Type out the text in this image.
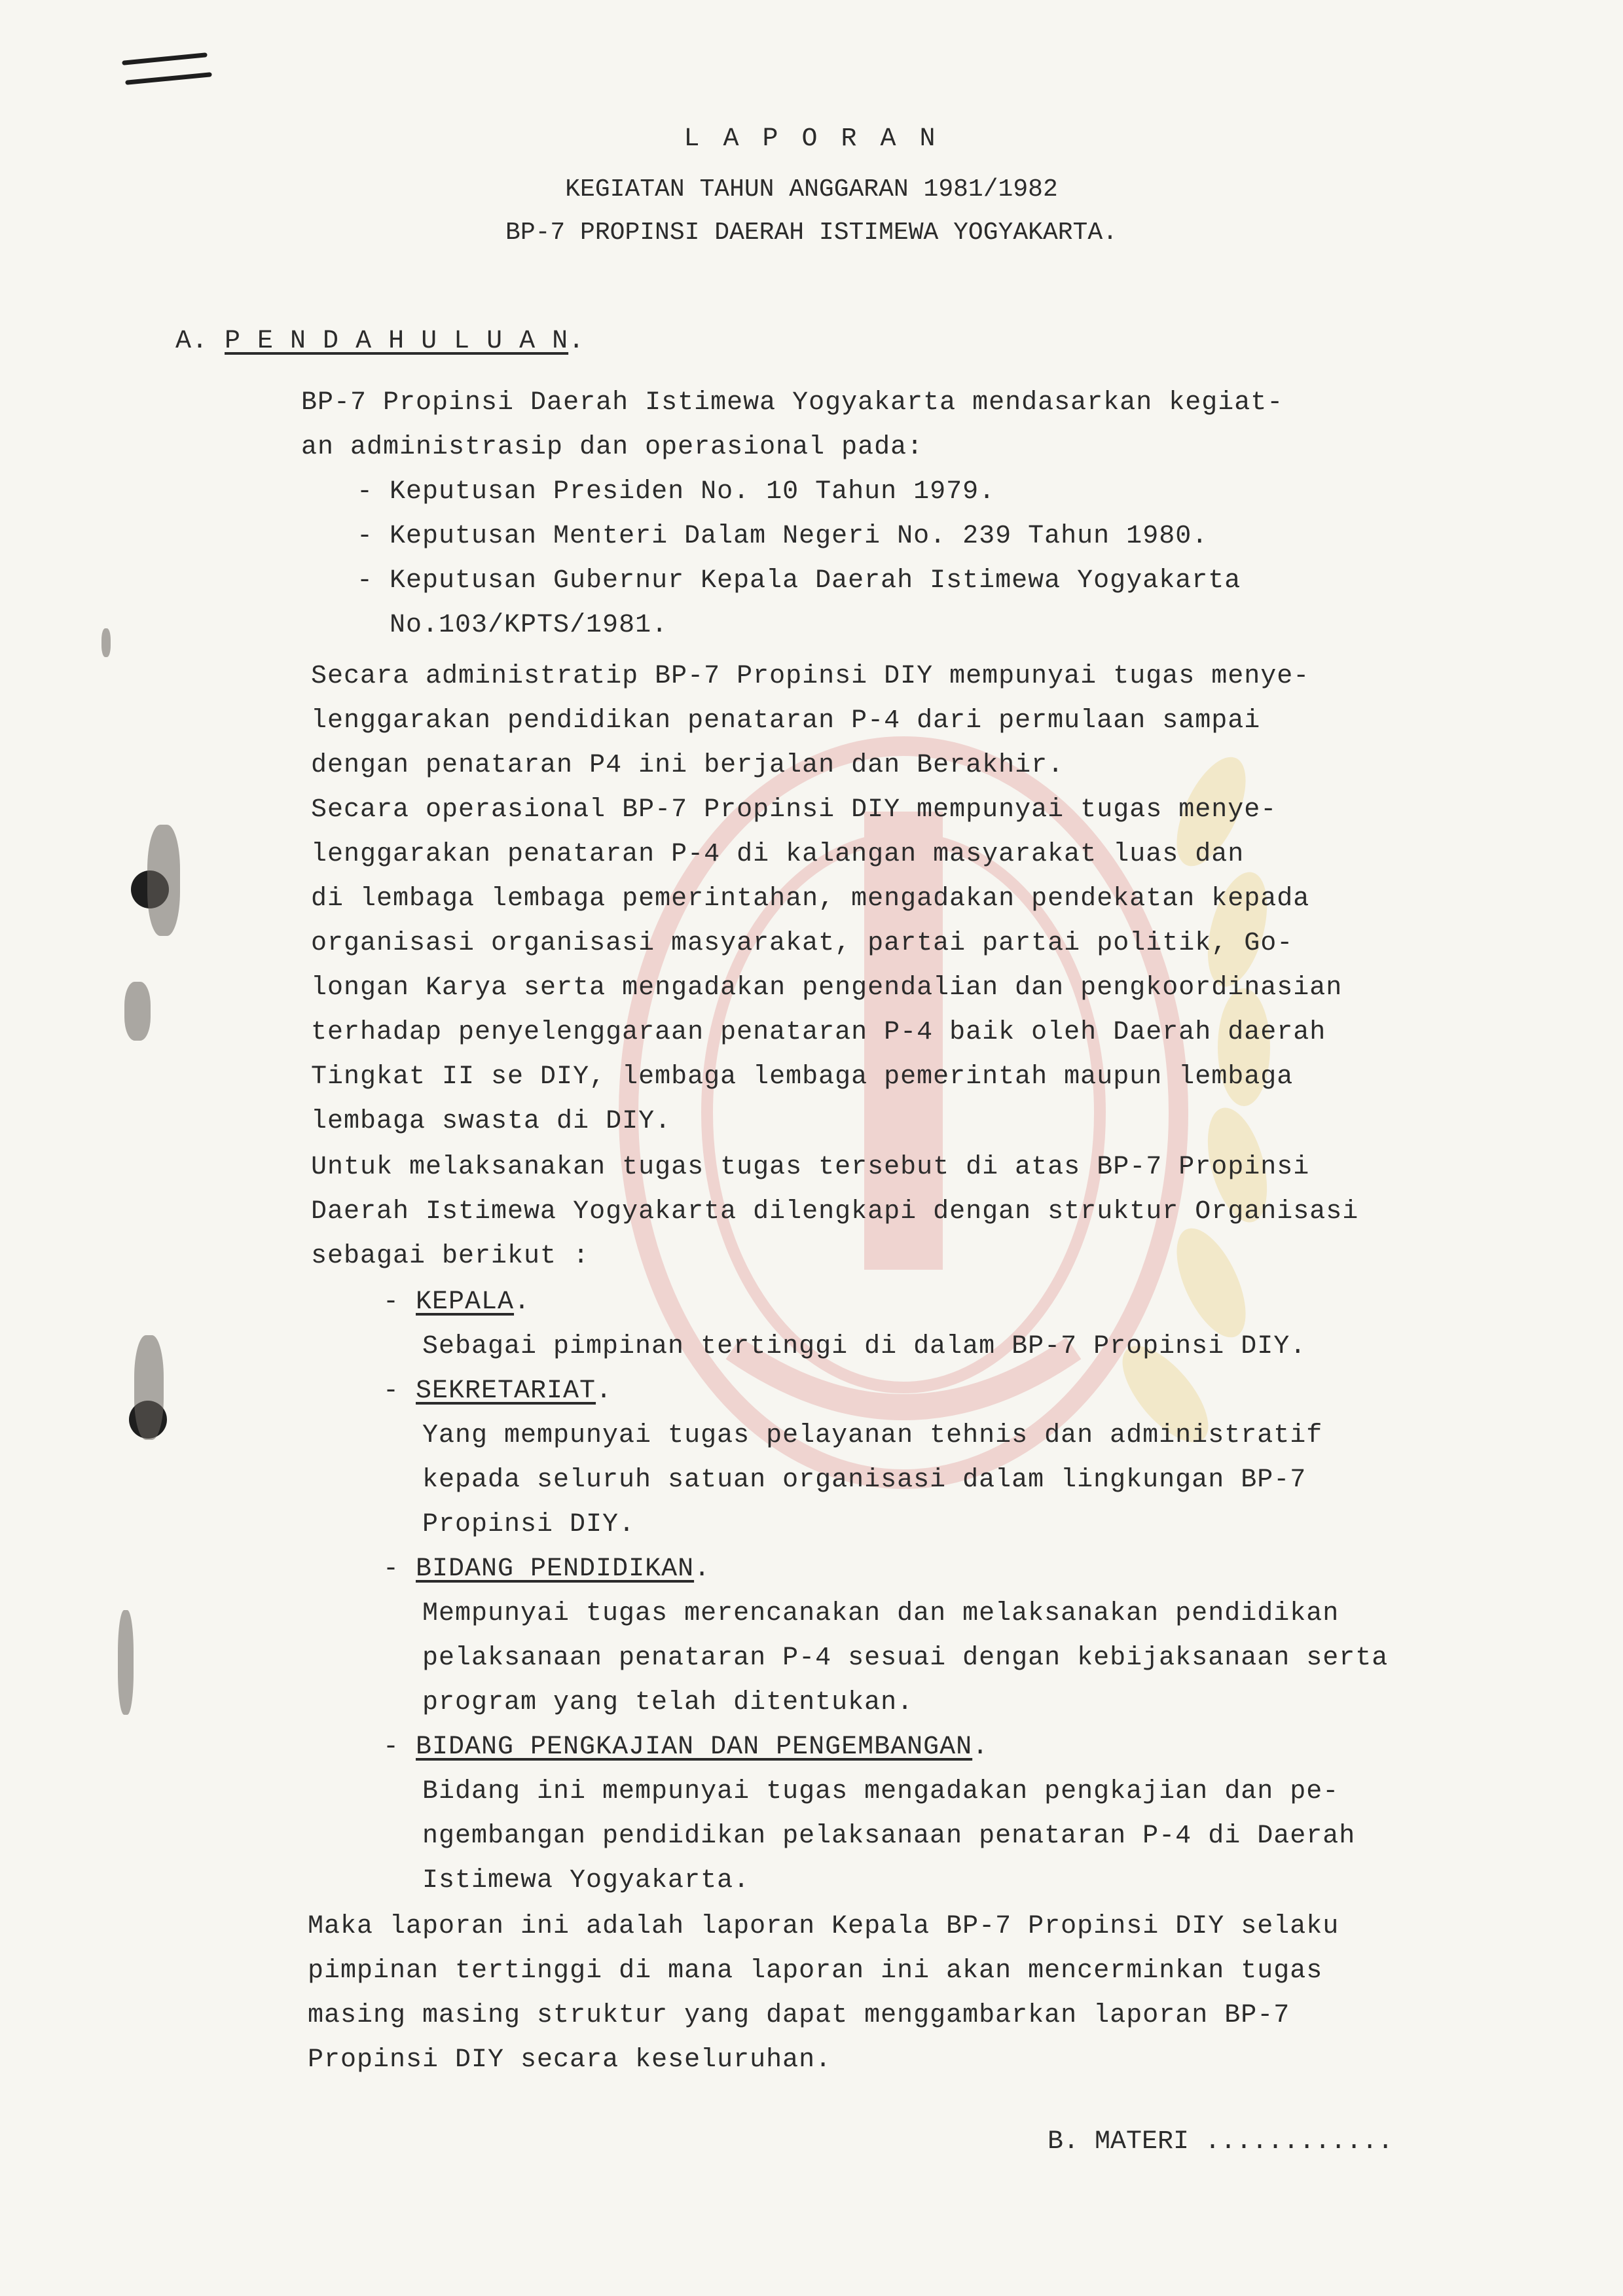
L A P O R A N
KEGIATAN TAHUN ANGGARAN 1981/1982
BP-7 PROPINSI DAERAH ISTIMEWA YOGYAKARTA.
A. P E N D A H U L U A N.
BP-7 Propinsi Daerah Istimewa Yogyakarta mendasarkan kegiat-
an administrasip dan operasional pada:
- Keputusan Presiden No. 10 Tahun 1979.
- Keputusan Menteri Dalam Negeri No. 239 Tahun 1980.
- Keputusan Gubernur Kepala Daerah Istimewa Yogyakarta
No.103/KPTS/1981.
Secara administratip BP-7 Propinsi DIY mempunyai tugas menye-
lenggarakan pendidikan penataran P-4 dari permulaan sampai
dengan penataran P4 ini berjalan dan Berakhir.
Secara operasional BP-7 Propinsi DIY mempunyai tugas menye-
lenggarakan penataran P-4 di kalangan masyarakat luas dan
di lembaga lembaga pemerintahan, mengadakan pendekatan kepada
organisasi organisasi masyarakat, partai partai politik, Go-
longan Karya serta mengadakan pengendalian dan pengkoordinasian
terhadap penyelenggaraan penataran P-4 baik oleh Daerah daerah
Tingkat II se DIY, lembaga lembaga pemerintah maupun lembaga
lembaga swasta di DIY.
Untuk melaksanakan tugas tugas tersebut di atas BP-7 Propinsi
Daerah Istimewa Yogyakarta dilengkapi dengan struktur Organisasi
sebagai berikut :
- KEPALA.
Sebagai pimpinan tertinggi di dalam BP-7 Propinsi DIY.
- SEKRETARIAT.
Yang mempunyai tugas pelayanan tehnis dan administratif
kepada seluruh satuan organisasi dalam lingkungan BP-7
Propinsi DIY.
- BIDANG PENDIDIKAN.
Mempunyai tugas merencanakan dan melaksanakan pendidikan
pelaksanaan penataran P-4 sesuai dengan kebijaksanaan serta
program yang telah ditentukan.
- BIDANG PENGKAJIAN DAN PENGEMBANGAN.
Bidang ini mempunyai tugas mengadakan pengkajian dan pe-
ngembangan pendidikan pelaksanaan penataran P-4 di Daerah
Istimewa Yogyakarta.
Maka laporan ini adalah laporan Kepala BP-7 Propinsi DIY selaku
pimpinan tertinggi di mana laporan ini akan mencerminkan tugas
masing masing struktur yang dapat menggambarkan laporan BP-7
Propinsi DIY secara keseluruhan.
B. MATERI ............
